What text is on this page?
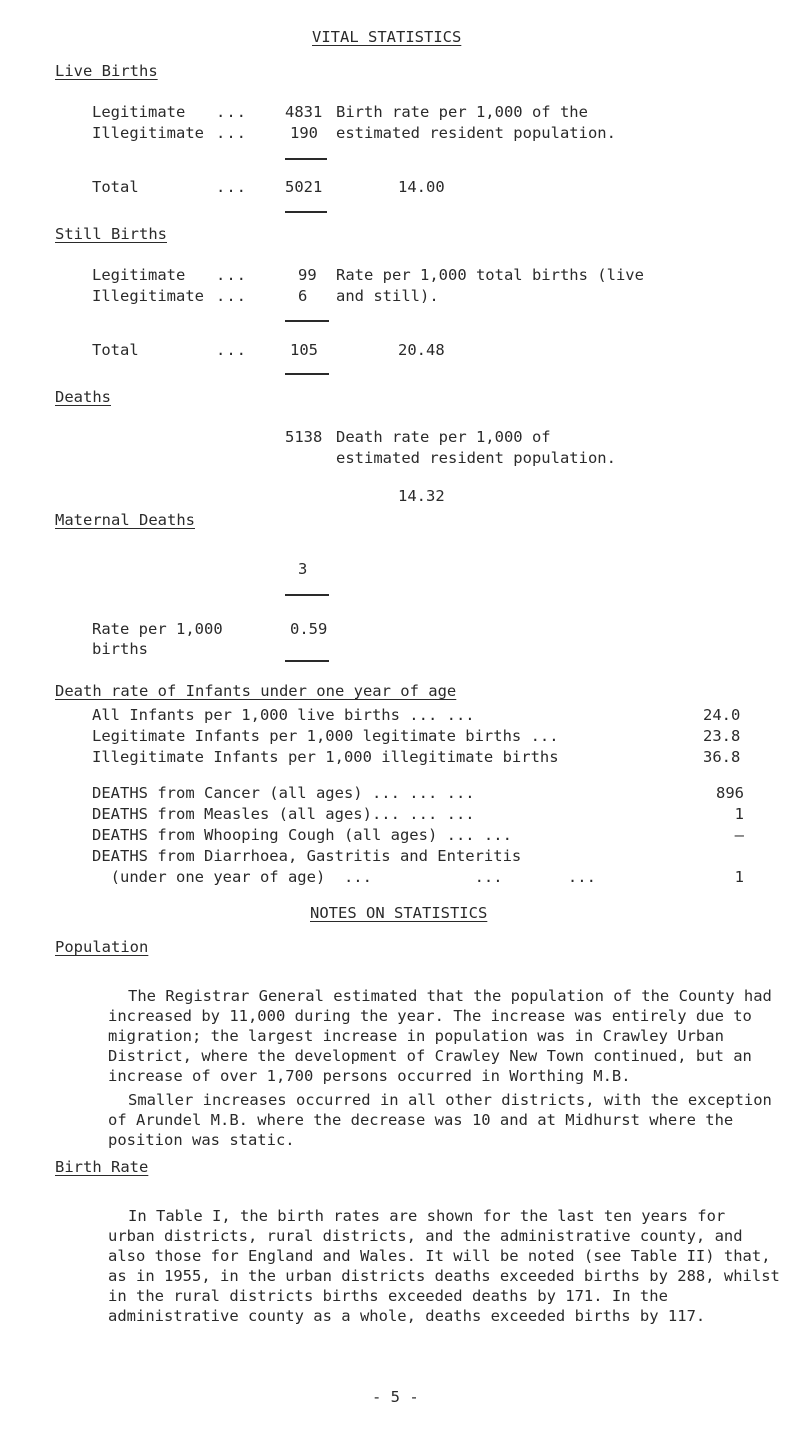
VITAL STATISTICS
Live Births
Legitimate ... 4831 Birth rate per 1,000 of the
Illegitimate ...	190 estimated resident population.
Total	... 5021	14.00
Still Births
Legitimate ...	99 Rate per 1,000 total births (live
Illegitimate ...	6 and still).
Total	...	105	20.48
Deaths
5138 Death rate per 1,000 of
estimated resident population.
14.32
Maternal Deaths
3
Rate per 1,000
births
0.59
Death rate of Infants under one year of age
All Infants per 1,000 live births ... ...	24.0
Legitimate Infants per 1,000 legitimate births ...	23.8
Illegitimate Infants per 1,000 illegitimate births	36.8
DEATHS from Cancer (all ages) ... ... ...	896
DEATHS from Measles (all ages)... ... ...	1
DEATHS from Whooping Cough (all ages) ... ...	–
DEATHS from Diarrhoea, Gastritis and Enteritis
(under one year of age)  ...           ...       ...	1
NOTES ON STATISTICS
Population
The Registrar General estimated that the population of the County had increased by 11,000 during the year. The increase was entirely due to migration; the largest increase in population was in Crawley Urban District, where the development of Crawley New Town continued, but an increase of over 1,700 persons occurred in Worthing M.B.
Smaller increases occurred in all other districts, with the exception of Arundel M.B. where the decrease was 10 and at Midhurst where the position was static.
Birth Rate
In Table I, the birth rates are shown for the last ten years for urban districts, rural districts, and the administrative county, and also those for England and Wales. It will be noted (see Table II) that, as in 1955, in the urban districts deaths exceeded births by 288, whilst in the rural districts births exceeded deaths by 171. In the administrative county as a whole, deaths exceeded births by 117.
- 5 -
